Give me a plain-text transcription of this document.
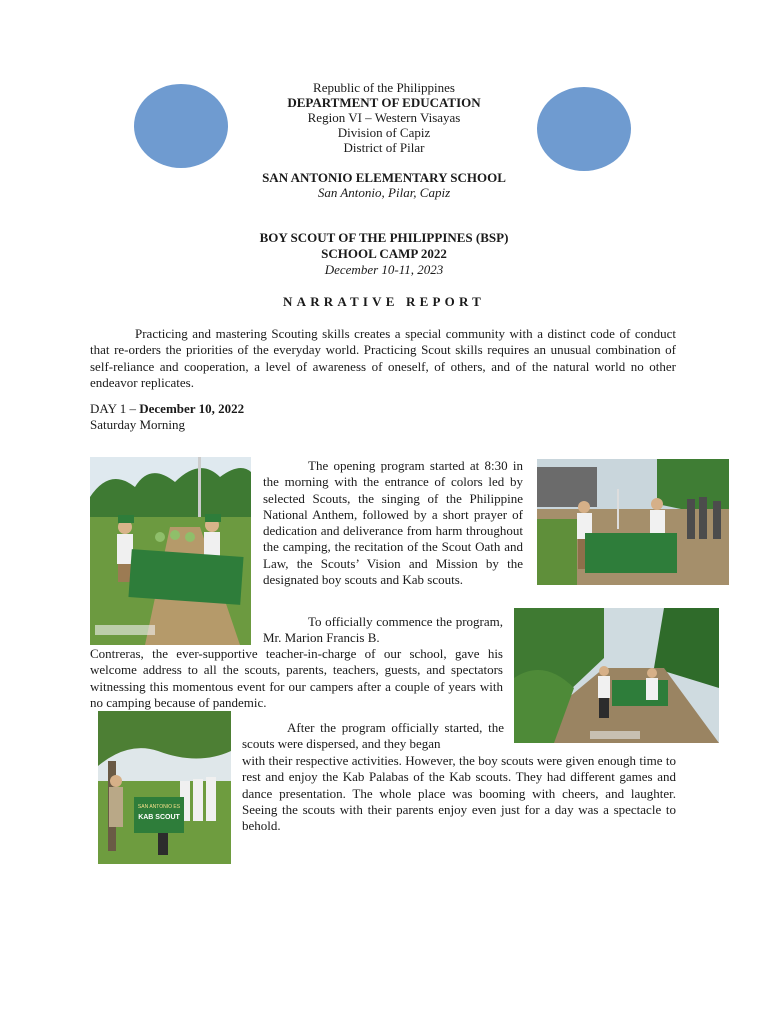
Republic of the Philippines
DEPARTMENT OF EDUCATION
Region VI – Western Visayas
Division of Capiz
District of Pilar
SAN ANTONIO ELEMENTARY SCHOOL
San Antonio, Pilar, Capiz
BOY SCOUT OF THE PHILIPPINES (BSP)
SCHOOL CAMP 2022
December 10-11, 2023
NARRATIVE REPORT
Practicing and mastering Scouting skills creates a special community with a distinct code of conduct that re-orders the priorities of the everyday world. Practicing Scout skills requires an unusual combination of self-reliance and cooperation, a level of awareness of oneself, of others, and of the natural world no other endeavor replicates.
DAY 1 – December 10, 2022
Saturday Morning
The opening program started at 8:30 in the morning with the entrance of colors led by selected Scouts, the singing of the Philippine National Anthem, followed by a short prayer of dedication and deliverance from harm throughout the camping, the recitation of the Scout Oath and Law, the Scouts’ Vision and Mission by the designated boy scouts and Kab scouts.
To officially commence the program, Mr. Marion Francis B.
Contreras, the ever-supportive teacher-in-charge of our school, gave his welcome address to all the scouts, parents, teachers, guests, and spectators witnessing this momentous event for our campers after a couple of years with no camping because of pandemic.
SAN ANTONIO ES
KAB SCOUT
After the program officially started, the scouts were dispersed, and they began
with their respective activities. However, the boy scouts were given enough time to rest and enjoy the Kab Palabas of the Kab scouts. They had different games and dance presentation. The whole place was booming with cheers, and laughter. Seeing the scouts with their parents enjoy even just for a day was a spectacle to behold.
